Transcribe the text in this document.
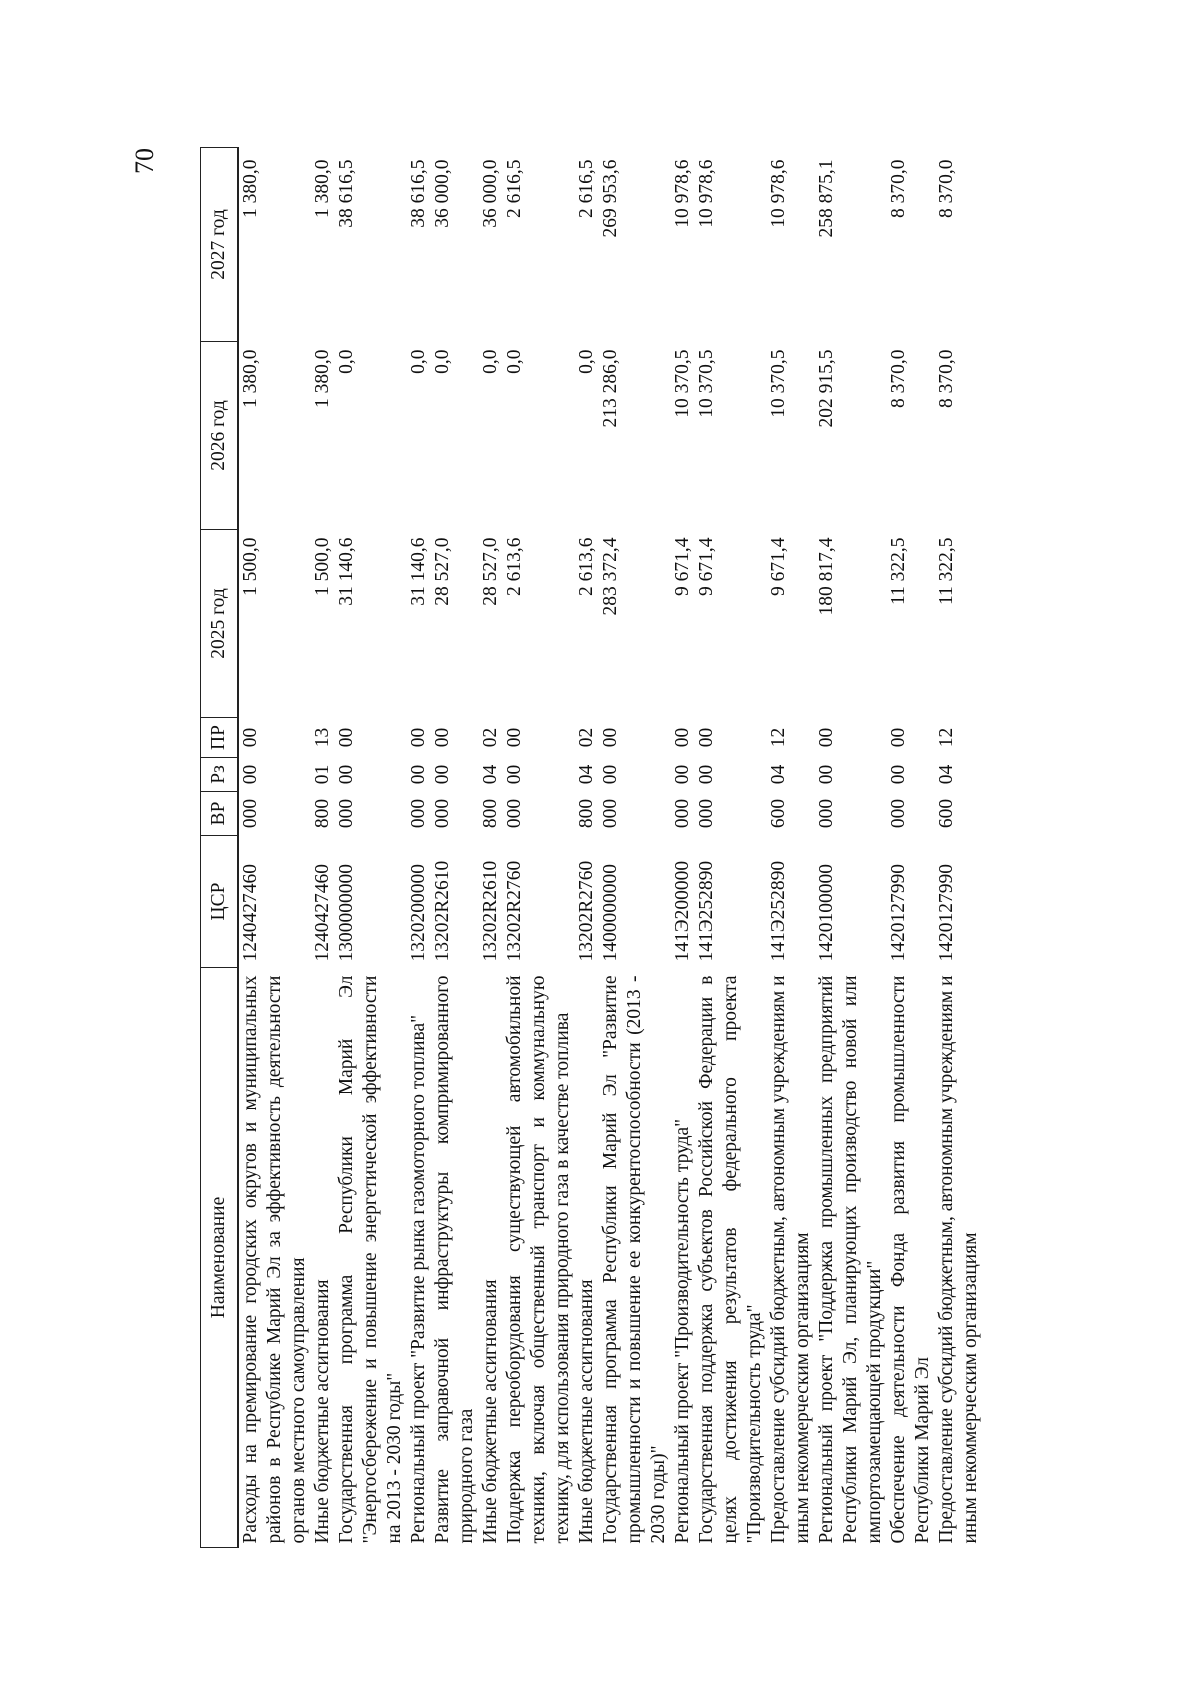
70
Наименование	ЦСР	ВР	Рз	ПР	2025 год	2026 год	2027 год
Расходы на премирование городских округов и муниципальных районов в Республике Марий Эл за эффективность деятельности органов местного самоуправления	1240427460	000	00	00	1 500,0	1 380,0	1 380,0
Иные бюджетные ассигнования	1240427460	800	01	13	1 500,0	1 380,0	1 380,0
Государственная программа Республики Марий Эл "Энергосбережение и повышение энергетической эффективности на 2013 - 2030 годы"	1300000000	000	00	00	31 140,6	0,0	38 616,5
Региональный проект "Развитие рынка газомоторного топлива"	1320200000	000	00	00	31 140,6	0,0	38 616,5
Развитие заправочной инфраструктуры компримированного природного газа	13202R2610	000	00	00	28 527,0	0,0	36 000,0
Иные бюджетные ассигнования	13202R2610	800	04	02	28 527,0	0,0	36 000,0
Поддержка переоборудования существующей автомобильной техники, включая общественный транспорт и коммунальную технику, для использования природного газа в качестве топлива	13202R2760	000	00	00	2 613,6	0,0	2 616,5
Иные бюджетные ассигнования	13202R2760	800	04	02	2 613,6	0,0	2 616,5
Государственная программа Республики Марий Эл "Развитие промышленности и повышение ее конкурентоспособности (2013 - 2030 годы)"	1400000000	000	00	00	283 372,4	213 286,0	269 953,6
Региональный проект "Производительность труда"	141Э200000	000	00	00	9 671,4	10 370,5	10 978,6
Государственная поддержка субъектов Российской Федерации в целях достижения результатов федерального проекта "Производительность труда"	141Э252890	000	00	00	9 671,4	10 370,5	10 978,6
Предоставление субсидий бюджетным, автономным учреждениям и иным некоммерческим организациям	141Э252890	600	04	12	9 671,4	10 370,5	10 978,6
Региональный проект "Поддержка промышленных предприятий Республики Марий Эл, планирующих производство новой или импортозамещающей продукции"	1420100000	000	00	00	180 817,4	202 915,5	258 875,1
Обеспечение деятельности Фонда развития промышленности Республики Марий Эл	1420127990	000	00	00	11 322,5	8 370,0	8 370,0
Предоставление субсидий бюджетным, автономным учреждениям и иным некоммерческим организациям	1420127990	600	04	12	11 322,5	8 370,0	8 370,0
